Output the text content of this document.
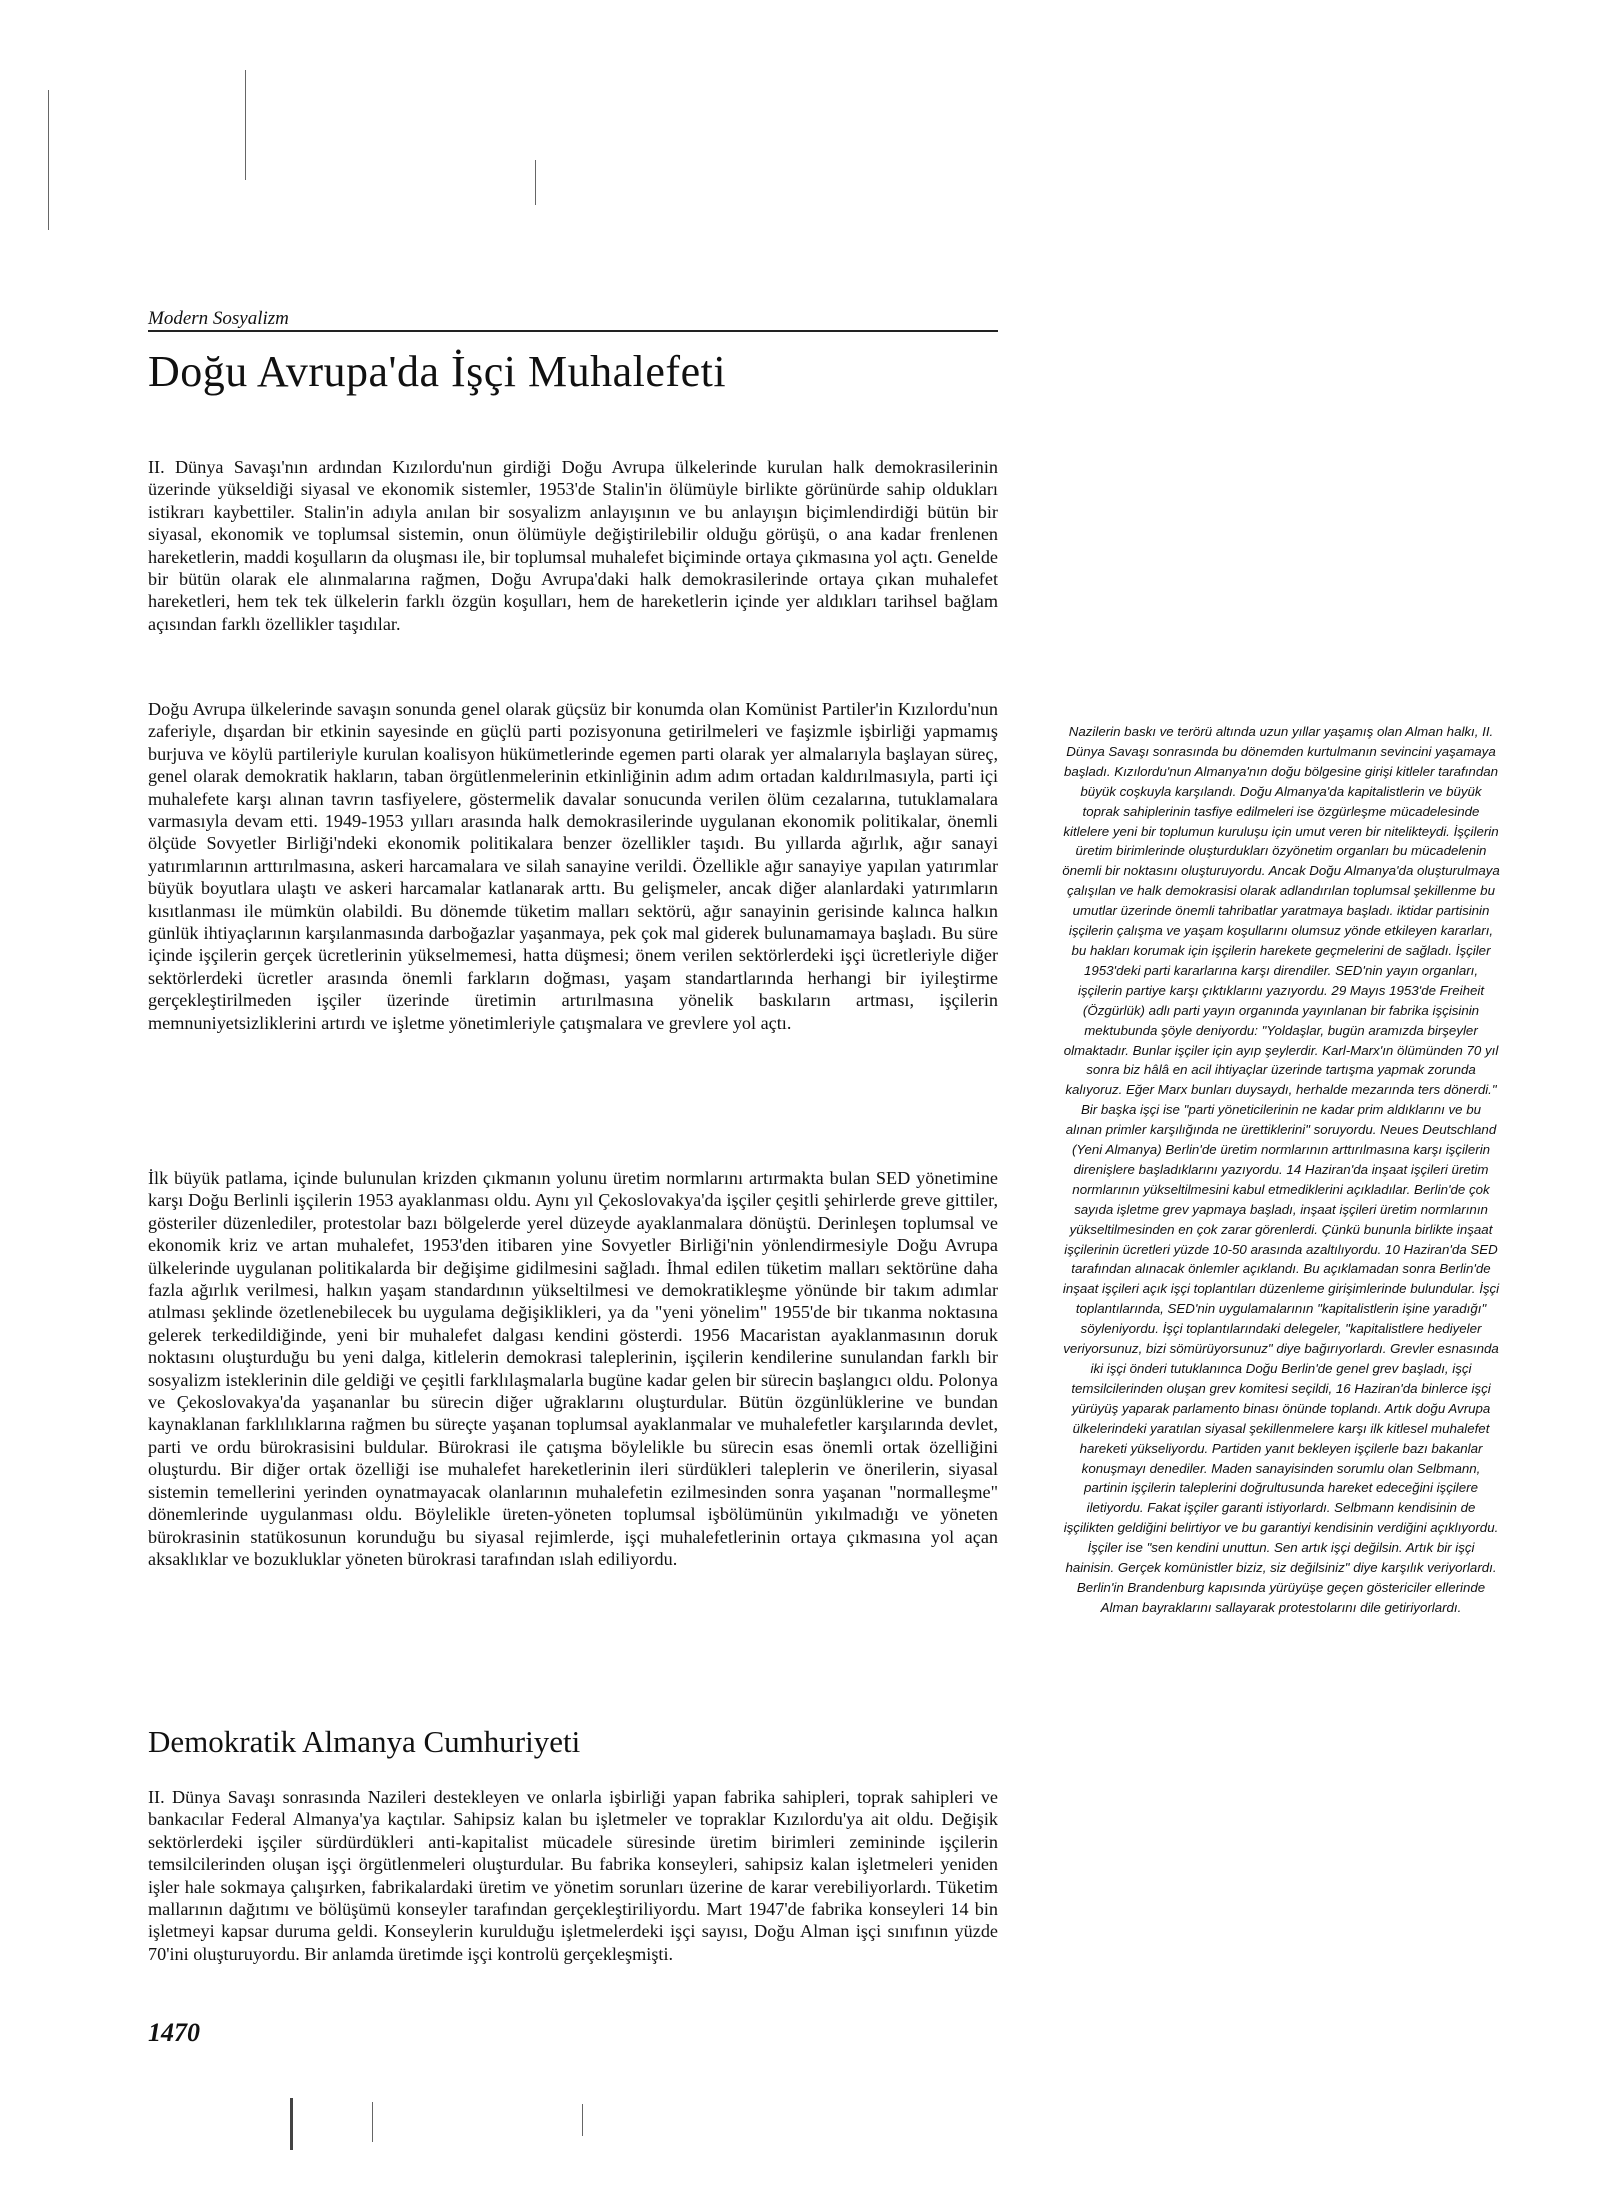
Modern Sosyalizm
Doğu Avrupa'da İşçi Muhalefeti

II. Dünya Savaşı'nın ardından Kızılordu'nun girdiği Doğu Avrupa ülkelerinde kurulan halk demokrasilerinin üzerinde yükseldiği siyasal ve ekonomik sistemler, 1953'de Stalin'in ölümüyle birlikte görünürde sahip oldukları istikrarı kaybettiler. Stalin'in adıyla anılan bir sosyalizm anlayışının ve bu anlayışın biçimlendirdiği bütün bir siyasal, ekonomik ve toplumsal sistemin, onun ölümüyle değiştirilebilir olduğu görüşü, o ana kadar frenlenen hareketlerin, maddi koşulların da oluşması ile, bir toplumsal muhalefet biçiminde ortaya çıkmasına yol açtı. Genelde bir bütün olarak ele alınmalarına rağmen, Doğu Avrupa'daki halk demokrasilerinde ortaya çıkan muhalefet hareketleri, hem tek tek ülkelerin farklı özgün koşulları, hem de hareketlerin içinde yer aldıkları tarihsel bağlam açısından farklı özellikler taşıdılar.

Doğu Avrupa ülkelerinde savaşın sonunda genel olarak güçsüz bir konumda olan Komünist Partiler'in Kızılordu'nun zaferiyle, dışardan bir etkinin sayesinde en güçlü parti pozisyonuna getirilmeleri ve faşizmle işbirliği yapmamış burjuva ve köylü partileriyle kurulan koalisyon hükümetlerinde egemen parti olarak yer almalarıyla başlayan süreç, genel olarak demokratik hakların, taban örgütlenmelerinin etkinliğinin adım adım ortadan kaldırılmasıyla, parti içi muhalefete karşı alınan tavrın tasfiyelere, göstermelik davalar sonucunda verilen ölüm cezalarına, tutuklamalara varmasıyla devam etti. 1949-1953 yılları arasında halk demokrasilerinde uygulanan ekonomik politikalar, önemli ölçüde Sovyetler Birliği'ndeki ekonomik politikalara benzer özellikler taşıdı. Bu yıllarda ağırlık, ağır sanayi yatırımlarının arttırılmasına, askeri harcamalara ve silah sanayine verildi. Özellikle ağır sanayiye yapılan yatırımlar büyük boyutlara ulaştı ve askeri harcamalar katlanarak arttı. Bu gelişmeler, ancak diğer alanlardaki yatırımların kısıtlanması ile mümkün olabildi. Bu dönemde tüketim malları sektörü, ağır sanayinin gerisinde kalınca halkın günlük ihtiyaçlarının karşılanmasında darboğazlar yaşanmaya, pek çok mal giderek bulunamamaya başladı. Bu süre içinde işçilerin gerçek ücretlerinin yükselmemesi, hatta düşmesi; önem verilen sektörlerdeki işçi ücretleriyle diğer sektörlerdeki ücretler arasında önemli farkların doğması, yaşam standartlarında herhangi bir iyileştirme gerçekleştirilmeden işçiler üzerinde üretimin artırılmasına yönelik baskıların artması, işçilerin memnuniyetsizliklerini artırdı ve işletme yönetimleriyle çatışmalara ve grevlere yol açtı.

İlk büyük patlama, içinde bulunulan krizden çıkmanın yolunu üretim normlarını artırmakta bulan SED yönetimine karşı Doğu Berlinli işçilerin 1953 ayaklanması oldu. Aynı yıl Çekoslovakya'da işçiler çeşitli şehirlerde greve gittiler, gösteriler düzenlediler, protestolar bazı bölgelerde yerel düzeyde ayaklanmalara dönüştü. Derinleşen toplumsal ve ekonomik kriz ve artan muhalefet, 1953'den itibaren yine Sovyetler Birliği'nin yönlendirmesiyle Doğu Avrupa ülkelerinde uygulanan politikalarda bir değişime gidilmesini sağladı. İhmal edilen tüketim malları sektörüne daha fazla ağırlık verilmesi, halkın yaşam standardının yükseltilmesi ve demokratikleşme yönünde bir takım adımlar atılması şeklinde özetlenebilecek bu uygulama değişiklikleri, ya da "yeni yönelim" 1955'de bir tıkanma noktasına gelerek terkedildiğinde, yeni bir muhalefet dalgası kendini gösterdi. 1956 Macaristan ayaklanmasının doruk noktasını oluşturduğu bu yeni dalga, kitlelerin demokrasi taleplerinin, işçilerin kendilerine sunulandan farklı bir sosyalizm isteklerinin dile geldiği ve çeşitli farklılaşmalarla bugüne kadar gelen bir sürecin başlangıcı oldu. Polonya ve Çekoslovakya'da yaşananlar bu sürecin diğer uğraklarını oluşturdular. Bütün özgünlüklerine ve bundan kaynaklanan farklılıklarına rağmen bu süreçte yaşanan toplumsal ayaklanmalar ve muhalefetler karşılarında devlet, parti ve ordu bürokrasisini buldular. Bürokrasi ile çatışma böylelikle bu sürecin esas önemli ortak özelliğini oluşturdu. Bir diğer ortak özelliği ise muhalefet hareketlerinin ileri sürdükleri taleplerin ve önerilerin, siyasal sistemin temellerini yerinden oynatmayacak olanlarının muhalefetin ezilmesinden sonra yaşanan "normalleşme" dönemlerinde uygulanması oldu. Böylelikle üreten-yöneten toplumsal işbölümünün yıkılmadığı ve yöneten bürokrasinin statükosunun korunduğu bu siyasal rejimlerde, işçi muhalefetlerinin ortaya çıkmasına yol açan aksaklıklar ve bozukluklar yöneten bürokrasi tarafından ıslah ediliyordu.

Demokratik Almanya Cumhuriyeti

II. Dünya Savaşı sonrasında Nazileri destekleyen ve onlarla işbirliği yapan fabrika sahipleri, toprak sahipleri ve bankacılar Federal Almanya'ya kaçtılar. Sahipsiz kalan bu işletmeler ve topraklar Kızılordu'ya ait oldu. Değişik sektörlerdeki işçiler sürdürdükleri anti-kapitalist mücadele süresinde üretim birimleri zemininde işçilerin temsilcilerinden oluşan işçi örgütlenmeleri oluşturdular. Bu fabrika konseyleri, sahipsiz kalan işletmeleri yeniden işler hale sokmaya çalışırken, fabrikalardaki üretim ve yönetim sorunları üzerine de karar verebiliyorlardı. Tüketim mallarının dağıtımı ve bölüşümü konseyler tarafından gerçekleştiriliyordu. Mart 1947'de fabrika konseyleri 14 bin işletmeyi kapsar duruma geldi. Konseylerin kurulduğu işletmelerdeki işçi sayısı, Doğu Alman işçi sınıfının yüzde 70'ini oluşturuyordu. Bir anlamda üretimde işçi kontrolü gerçekleşmişti.

1470

Nazilerin baskı ve terörü altında uzun yıllar yaşamış olan Alman halkı, II. Dünya Savaşı sonrasında bu dönemden kurtulmanın sevincini yaşamaya başladı. Kızılordu'nun Almanya'nın doğu bölgesine girişi kitleler tarafından büyük coşkuyla karşılandı. Doğu Almanya'da kapitalistlerin ve büyük toprak sahiplerinin tasfiye edilmeleri ise özgürleşme mücadelesinde kitlelere yeni bir toplumun kuruluşu için umut veren bir nitelikteydi. İşçilerin üretim birimlerinde oluşturdukları özyönetim organları bu mücadelenin önemli bir noktasını oluşturuyordu. Ancak Doğu Almanya'da oluşturulmaya çalışılan ve halk demokrasisi olarak adlandırılan toplumsal şekillenme bu umutlar üzerinde önemli tahribatlar yaratmaya başladı. iktidar partisinin işçilerin çalışma ve yaşam koşullarını olumsuz yönde etkileyen kararları, bu hakları korumak için işçilerin harekete geçmelerini de sağladı. İşçiler 1953'deki parti kararlarına karşı direndiler. SED'nin yayın organları, işçilerin partiye karşı çıktıklarını yazıyordu. 29 Mayıs 1953'de Freiheit (Özgürlük) adlı parti yayın organında yayınlanan bir fabrika işçisinin mektubunda şöyle deniyordu: "Yoldaşlar, bugün aramızda birşeyler olmaktadır. Bunlar işçiler için ayıp şeylerdir. Karl-Marx'ın ölümünden 70 yıl sonra biz hâlâ en acil ihtiyaçlar üzerinde tartışma yapmak zorunda kalıyoruz. Eğer Marx bunları duysaydı, herhalde mezarında ters dönerdi." Bir başka işçi ise "parti yöneticilerinin ne kadar prim aldıklarını ve bu alınan primler karşılığında ne ürettiklerini" soruyordu. Neues Deutschland (Yeni Almanya) Berlin'de üretim normlarının arttırılmasına karşı işçilerin direnişlere başladıklarını yazıyordu. 14 Haziran'da inşaat işçileri üretim normlarının yükseltilmesini kabul etmediklerini açıkladılar. Berlin'de çok sayıda işletme grev yapmaya başladı, inşaat işçileri üretim normlarının yükseltilmesinden en çok zarar görenlerdi. Çünkü bununla birlikte inşaat işçilerinin ücretleri yüzde 10-50 arasında azaltılıyordu. 10 Haziran'da SED tarafından alınacak önlemler açıklandı. Bu açıklamadan sonra Berlin'de inşaat işçileri açık işçi toplantıları düzenleme girişimlerinde bulundular. İşçi toplantılarında, SED'nin uygulamalarının "kapitalistlerin işine yaradığı" söyleniyordu. İşçi toplantılarındaki delegeler, "kapitalistlere hediyeler veriyorsunuz, bizi sömürüyorsunuz" diye bağırıyorlardı. Grevler esnasında iki işçi önderi tutuklanınca Doğu Berlin'de genel grev başladı, işçi temsilcilerinden oluşan grev komitesi seçildi, 16 Haziran'da binlerce işçi yürüyüş yaparak parlamento binası önünde toplandı. Artık doğu Avrupa ülkelerindeki yaratılan siyasal şekillenmelere karşı ilk kitlesel muhalefet hareketi yükseliyordu. Partiden yanıt bekleyen işçilerle bazı bakanlar konuşmayı denediler. Maden sanayisinden sorumlu olan Selbmann, partinin işçilerin taleplerini doğrultusunda hareket edeceğini işçilere iletiyordu. Fakat işçiler garanti istiyorlardı. Selbmann kendisinin de işçilikten geldiğini belirtiyor ve bu garantiyi kendisinin verdiğini açıklıyordu. İşçiler ise "sen kendini unuttun. Sen artık işçi değilsin. Artık bir işçi hainisin. Gerçek komünistler biziz, siz değilsiniz" diye karşılık veriyorlardı. Berlin'in Brandenburg kapısında yürüyüşe geçen göstericiler ellerinde Alman bayraklarını sallayarak protestolarını dile getiriyorlardı.
